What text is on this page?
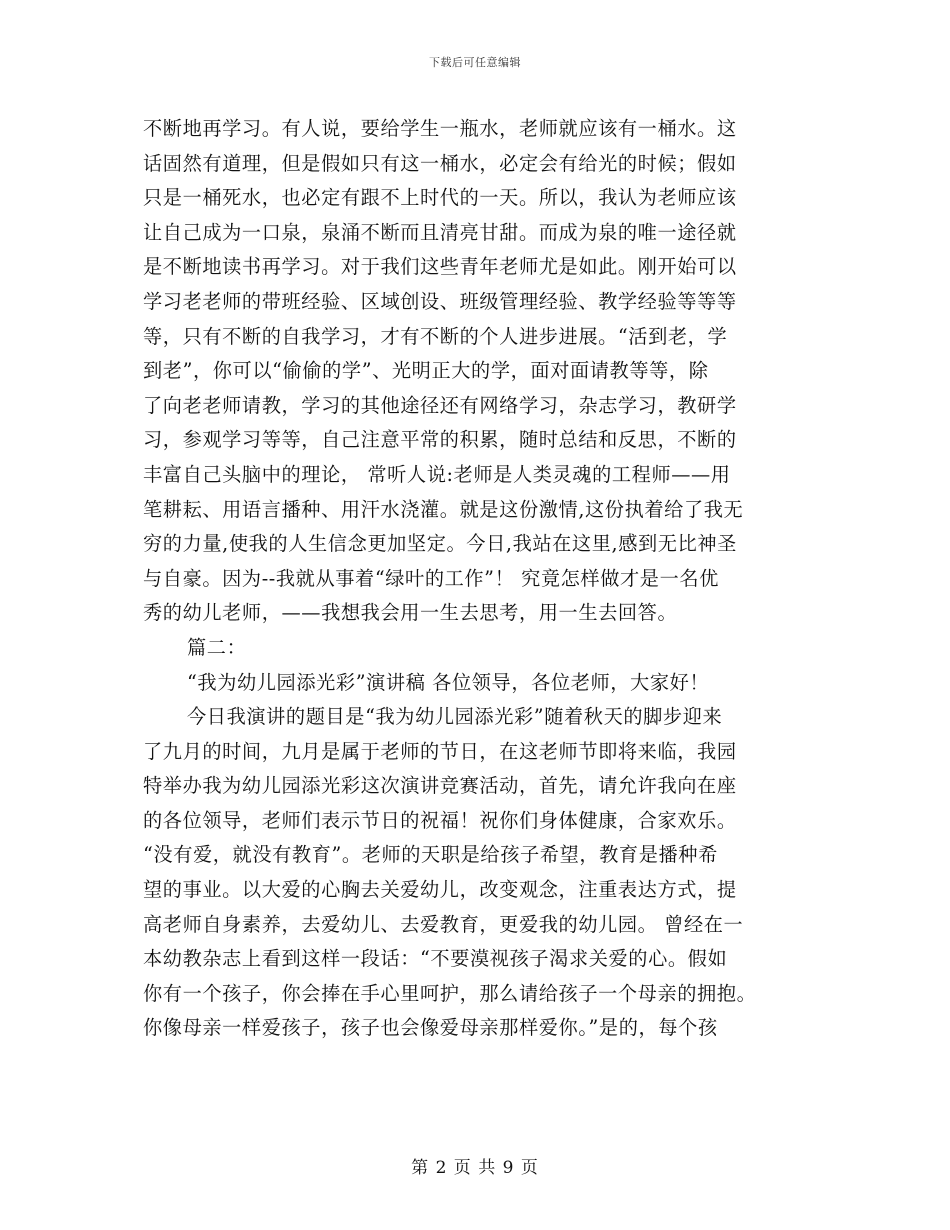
下载后可任意编辑
不断地再学习。有人说，要给学生一瓶水，老师就应该有一桶水。这
话固然有道理，但是假如只有这一桶水，必定会有给光的时候；假如
只是一桶死水，也必定有跟不上时代的一天。所以，我认为老师应该
让自己成为一口泉，泉涌不断而且清亮甘甜。而成为泉的唯一途径就
是不断地读书再学习。对于我们这些青年老师尤是如此。刚开始可以
学习老老师的带班经验、区域创设、班级管理经验、教学经验等等等
等，只有不断的自我学习，才有不断的个人进步进展。“活到老，学
到老”，你可以“偷偷的学”、光明正大的学，面对面请教等等，除
了向老老师请教，学习的其他途径还有网络学习，杂志学习，教研学
习，参观学习等等，自己注意平常的积累，随时总结和反思，不断的
丰富自己头脑中的理论， 常听人说:老师是人类灵魂的工程师——用
笔耕耘、用语言播种、用汗水浇灌。就是这份激情,这份执着给了我无
穷的力量,使我的人生信念更加坚定。今日,我站在这里,感到无比神圣
与自豪。因为--我就从事着“绿叶的工作”！ 究竟怎样做才是一名优
秀的幼儿老师，——我想我会用一生去思考，用一生去回答。
篇二：
“我为幼儿园添光彩”演讲稿 各位领导，各位老师，大家好！
今日我演讲的题目是“我为幼儿园添光彩”随着秋天的脚步迎来
了九月的时间，九月是属于老师的节日，在这老师节即将来临，我园
特举办我为幼儿园添光彩这次演讲竞赛活动，首先，请允许我向在座
的各位领导，老师们表示节日的祝福！祝你们身体健康，合家欢乐。
“没有爱，就没有教育”。老师的天职是给孩子希望，教育是播种希
望的事业。以大爱的心胸去关爱幼儿，改变观念，注重表达方式，提
高老师自身素养，去爱幼儿、去爱教育，更爱我的幼儿园。 曾经在一
本幼教杂志上看到这样一段话：“不要漠视孩子渴求关爱的心。假如
你有一个孩子，你会捧在手心里呵护，那么请给孩子一个母亲的拥抱。
你像母亲一样爱孩子，孩子也会像爱母亲那样爱你。”是的，每个孩
第 2 页 共 9 页
